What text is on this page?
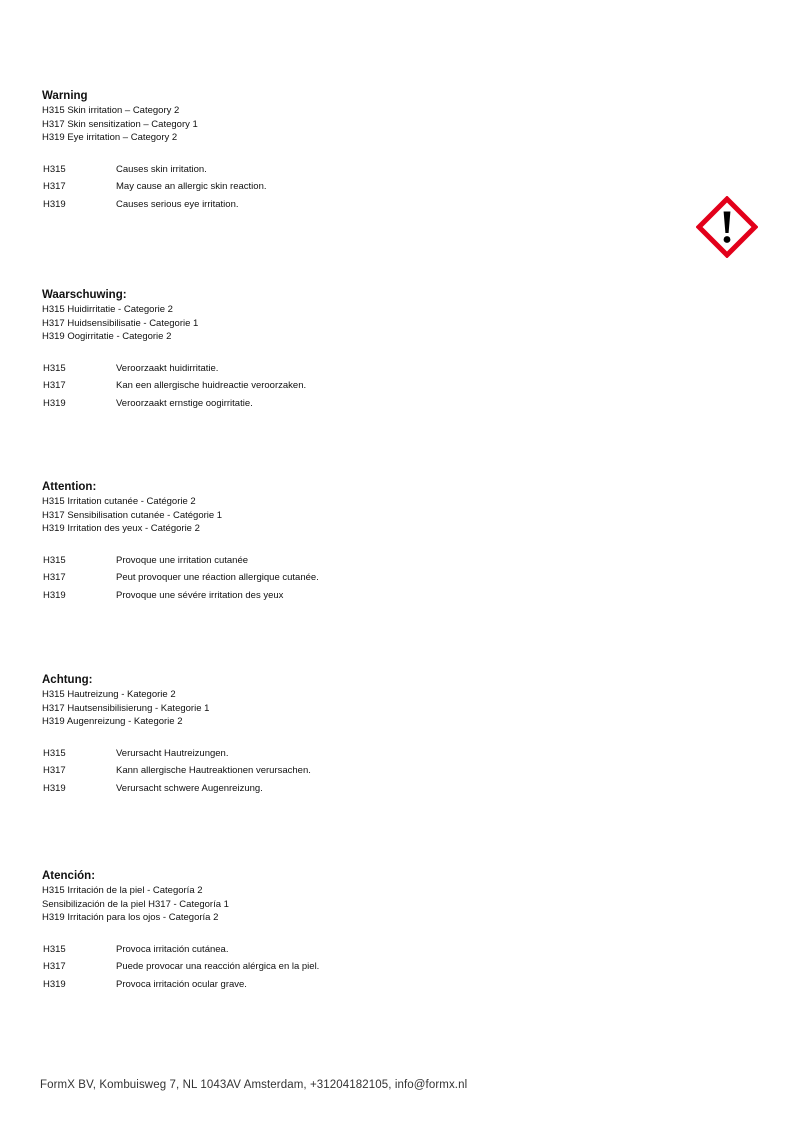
Warning
H315 Skin irritation – Category 2
H317 Skin sensitization – Category 1
H319 Eye irritation – Category 2
H315	Causes skin irritation.
H317	May cause an allergic skin reaction.
H319	Causes serious eye irritation.
Waarschuwing:
H315 Huidirritatie - Categorie 2
H317 Huidsensibilisatie - Categorie 1
H319 Oogirritatie - Categorie 2
H315	Veroorzaakt huidirritatie.
H317	Kan een allergische huidreactie veroorzaken.
H319	Veroorzaakt ernstige oogirritatie.
Attention:
H315 Irritation cutanée - Catégorie 2
H317 Sensibilisation cutanée - Catégorie 1
H319 Irritation des yeux - Catégorie 2
H315	Provoque une irritation cutanée
H317	Peut provoquer une réaction allergique cutanée.
H319	Provoque une sévére irritation des yeux
Achtung:
H315 Hautreizung - Kategorie 2
H317 Hautsensibilisierung - Kategorie 1
H319 Augenreizung - Kategorie 2
H315	Verursacht Hautreizungen.
H317	Kann allergische Hautreaktionen verursachen.
H319	Verursacht schwere Augenreizung.
Atención:
H315 Irritación de la piel - Categoría 2
Sensibilización de la piel H317 - Categoría 1
H319 Irritación para los ojos - Categoría 2
H315	Provoca irritación cutánea.
H317	Puede provocar una reacción alérgica en la piel.
H319	Provoca irritación ocular grave.
FormX BV, Kombuisweg 7, NL 1043AV Amsterdam, +31204182105, info@formx.nl
